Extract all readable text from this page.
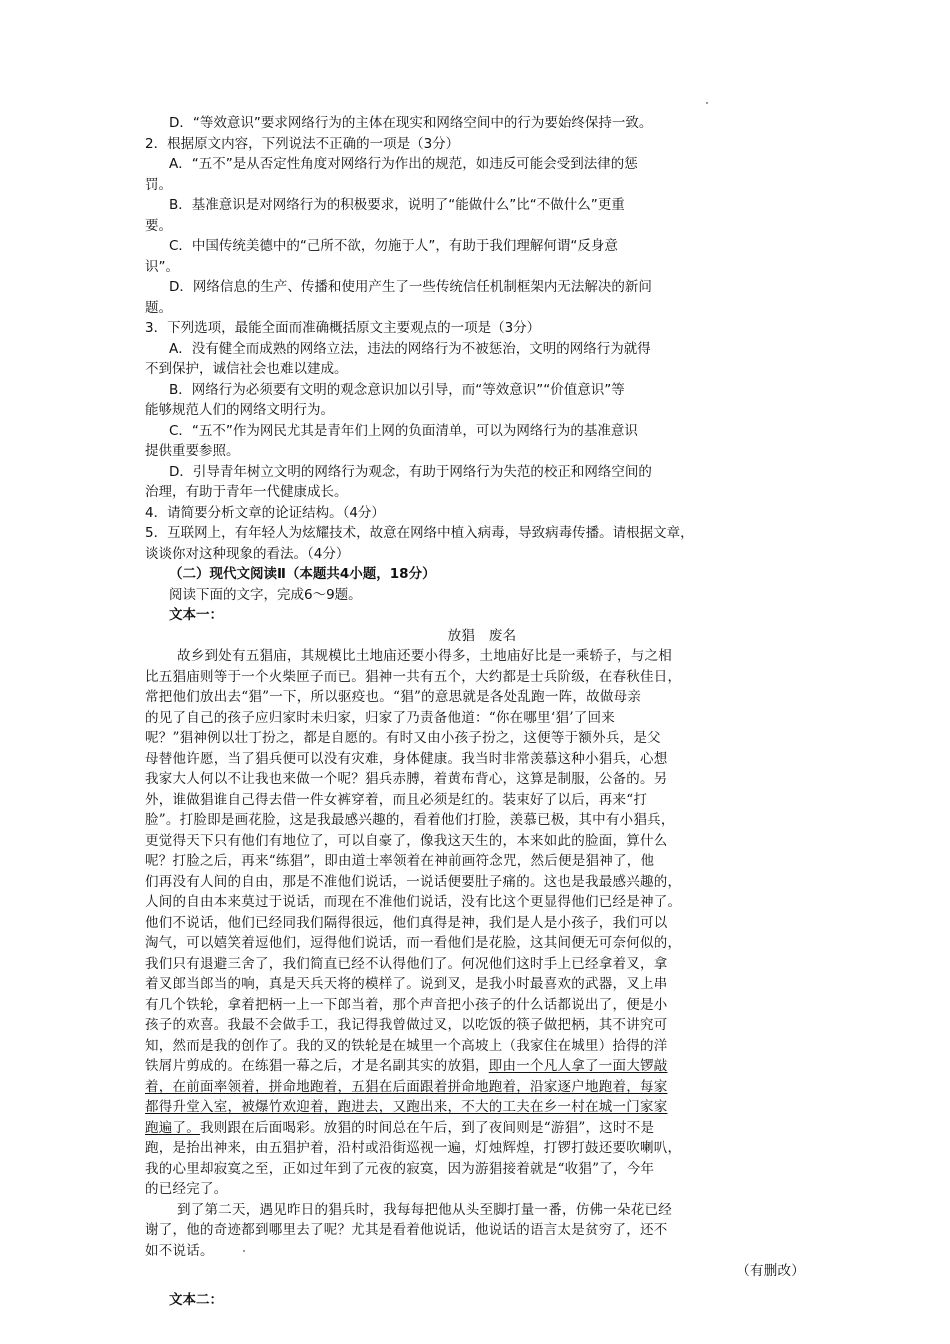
D．“等效意识”要求网络行为的主体在现实和网络空间中的行为要始终保持一致。
2．根据原文内容，下列说法不正确的一项是（3分）
A．“五不”是从否定性角度对网络行为作出的规范，如违反可能会受到法律的惩
罚。
B．基准意识是对网络行为的积极要求，说明了“能做什么”比“不做什么”更重
要。
C．中国传统美德中的“己所不欲，勿施于人”，有助于我们理解何谓“反身意
识”。
D．网络信息的生产、传播和使用产生了一些传统信任机制框架内无法解决的新问
题。
3．下列选项，最能全面而准确概括原文主要观点的一项是（3分）
A．没有健全而成熟的网络立法，违法的网络行为不被惩治，文明的网络行为就得
不到保护，诚信社会也难以建成。
B．网络行为必须要有文明的观念意识加以引导，而“等效意识”“价值意识”等
能够规范人们的网络文明行为。
C．“五不”作为网民尤其是青年们上网的负面清单，可以为网络行为的基准意识
提供重要参照。
D．引导青年树立文明的网络行为观念，有助于网络行为失范的校正和网络空间的
治理，有助于青年一代健康成长。
4．请简要分析文章的论证结构。（4分）
5．互联网上，有年轻人为炫耀技术，故意在网络中植入病毒，导致病毒传播。请根据文章，
谈谈你对这种现象的看法。（4分）
（二）现代文阅读Ⅱ（本题共4小题，18分）
阅读下面的文字，完成6～9题。
文本一：
放猖　废名
故乡到处有五猖庙，其规模比土地庙还要小得多，土地庙好比是一乘轿子，与之相
比五猖庙则等于一个火柴匣子而已。猖神一共有五个，大约都是士兵阶级，在春秋佳日，
常把他们放出去“猖”一下，所以驱疫也。“猖”的意思就是各处乱跑一阵，故做母亲
的见了自己的孩子应归家时未归家，归家了乃责备他道：“你在哪里‘猖’了回来
呢？”猖神例以壮丁扮之，都是自愿的。有时又由小孩子扮之，这便等于额外兵，是父
母替他许愿，当了猖兵便可以没有灾难，身体健康。我当时非常羡慕这种小猖兵，心想
我家大人何以不让我也来做一个呢？猖兵赤膊，着黄布背心，这算是制服，公备的。另
外，谁做猖谁自己得去借一件女裤穿着，而且必须是红的。装束好了以后，再来“打
脸”。打脸即是画花脸，这是我最感兴趣的，看着他们打脸，羡慕已极，其中有小猖兵，
更觉得天下只有他们有地位了，可以自豪了，像我这天生的，本来如此的脸面，算什么
呢？打脸之后，再来“练猖”，即由道士率领着在神前画符念咒，然后便是猖神了，他
们再没有人间的自由，那是不准他们说话，一说话便要肚子痛的。这也是我最感兴趣的，
人间的自由本来莫过于说话，而现在不准他们说话，没有比这个更显得他们已经是神了。
他们不说话，他们已经同我们隔得很远，他们真得是神，我们是人是小孩子，我们可以
淘气，可以嬉笑着逗他们，逗得他们说话，而一看他们是花脸，这其间便无可奈何似的，
我们只有退避三舍了，我们简直已经不认得他们了。何况他们这时手上已经拿着叉，拿
着叉郎当郎当的响，真是天兵天将的模样了。说到叉，是我小时最喜欢的武器，叉上串
有几个铁轮，拿着把柄一上一下郎当着，那个声音把小孩子的什么话都说出了，便是小
孩子的欢喜。我最不会做手工，我记得我曾做过叉，以吃饭的筷子做把柄，其不讲究可
知，然而是我的创作了。我的叉的铁轮是在城里一个高坡上（我家住在城里）拾得的洋
铁屑片剪成的。在练猖一幕之后，才是名副其实的放猖，即由一个凡人拿了一面大锣敲
着，在前面率领着，拼命地跑着，五猖在后面跟着拼命地跑着，沿家逐户地跑着，每家
都得升堂入室，被爆竹欢迎着，跑进去，又跑出来，不大的工夫在乡一村在城一门家家
跑遍了。我则跟在后面喝彩。放猖的时间总在午后，到了夜间则是“游猖”，这时不是
跑，是抬出神来，由五猖护着，沿村或沿街巡视一遍，灯烛辉煌，打锣打鼓还要吹喇叭，
我的心里却寂寞之至，正如过年到了元夜的寂寞，因为游猖接着就是“收猖”了，今年
的已经完了。
到了第二天，遇见昨日的猖兵时，我每每把他从头至脚打量一番，仿佛一朵花已经
谢了，他的奇迹都到哪里去了呢？尤其是看着他说话，他说话的语言太是贫穷了，还不
如不说话。
（有删改）
文本二：
